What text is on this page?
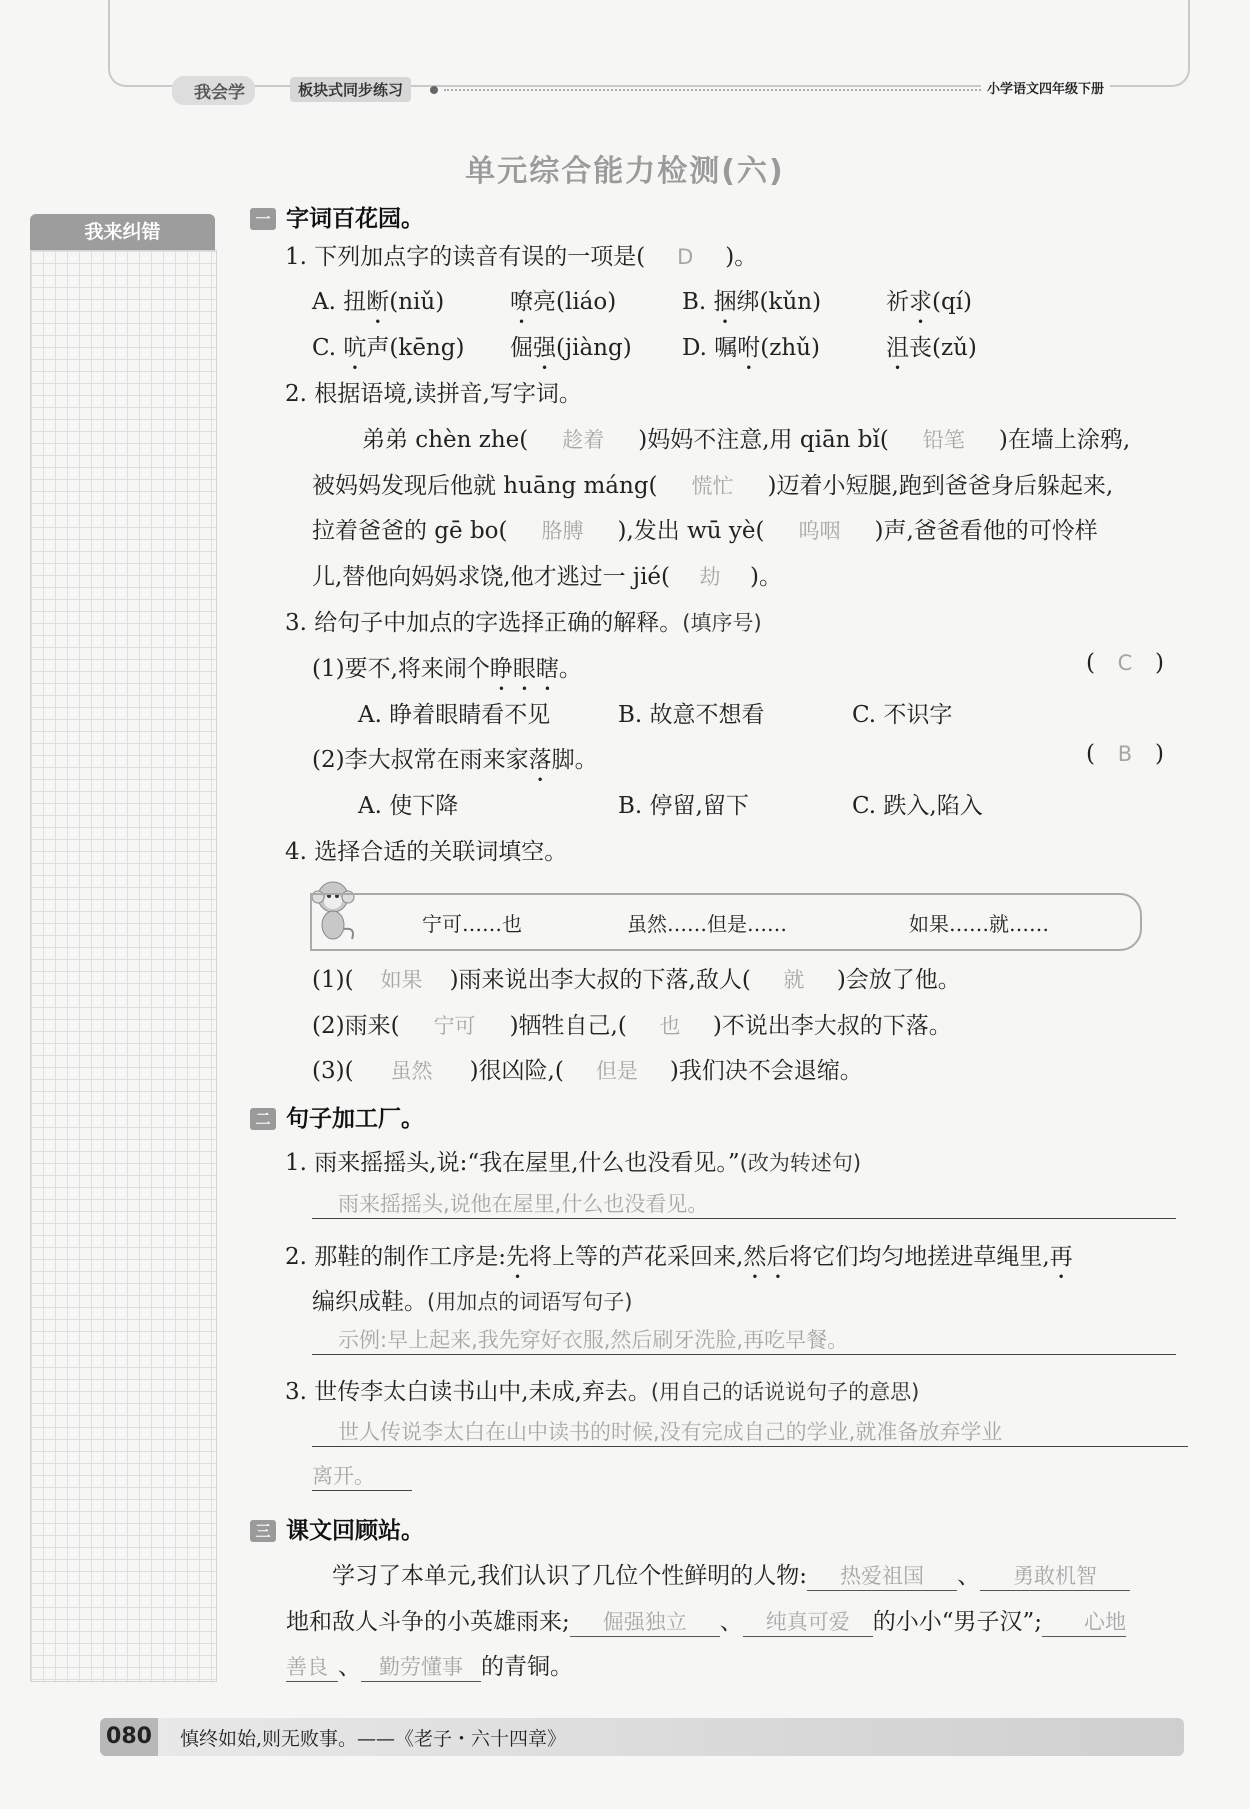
我会学	板块式同步练习	小学语文四年级下册
单元综合能力检测(六)
我来纠错
一 字词百花园。
1. 下列加点字的读音有误的一项是( D )。
A. 扭断(niǔ)	嘹亮(liáo)	B. 捆绑(kǔn)	祈求(qí)
C. 吭声(kēng) 倔强(jiàng) D. 嘱咐(zhǔ)	沮丧(zǔ)
2. 根据语境,读拼音,写字词。
弟弟 chèn zhe( 趁着 )妈妈不注意,用 qiān bǐ( 铅笔 )在墙上涂鸦,
被妈妈发现后他就 huāng máng( 慌忙 )迈着小短腿,跑到爸爸身后躲起来,
拉着爸爸的 gē bo( 胳膊 ),发出 wū yè( 呜咽 )声,爸爸看他的可怜样
儿,替他向妈妈求饶,他才逃过一 jié( 劫 )。
3. 给句子中加点的字选择正确的解释。(填序号)
(1)要不,将来闹个睁眼瞎。	( C )
A. 睁着眼睛看不见	B. 故意不想看	C. 不识字
(2)李大叔常在雨来家落脚。	( B )
A. 使下降	B. 停留,留下	C. 跌入,陷入
4. 选择合适的关联词填空。
宁可……也	虽然……但是……	如果……就……
(1)( 如果 )雨来说出李大叔的下落,敌人( 就 )会放了他。
(2)雨来( 宁可 )牺牲自己,( 也 )不说出李大叔的下落。
(3)( 虽然 )很凶险,( 但是 )我们决不会退缩。
二 句子加工厂。
1. 雨来摇摇头,说:“我在屋里,什么也没看见。”(改为转述句)
雨来摇摇头,说他在屋里,什么也没看见。
2. 那鞋的制作工序是:先将上等的芦花采回来,然后将它们均匀地搓进草绳里,再
编织成鞋。(用加点的词语写句子)
示例:早上起来,我先穿好衣服,然后刷牙洗脸,再吃早餐。
3. 世传李太白读书山中,未成,弃去。(用自己的话说说句子的意思)
世人传说李太白在山中读书的时候,没有完成自己的学业,就准备放弃学业
离开。
三 课文回顾站。
学习了本单元,我们认识了几位个性鲜明的人物: 热爱祖国 、 勇敢机智
地和敌人斗争的小英雄雨来; 倔强独立 、 纯真可爱 的小小“男子汉”; 心地
善良 、 勤劳懂事 的青铜。
080	慎终如始,则无败事。——《老子・六十四章》
